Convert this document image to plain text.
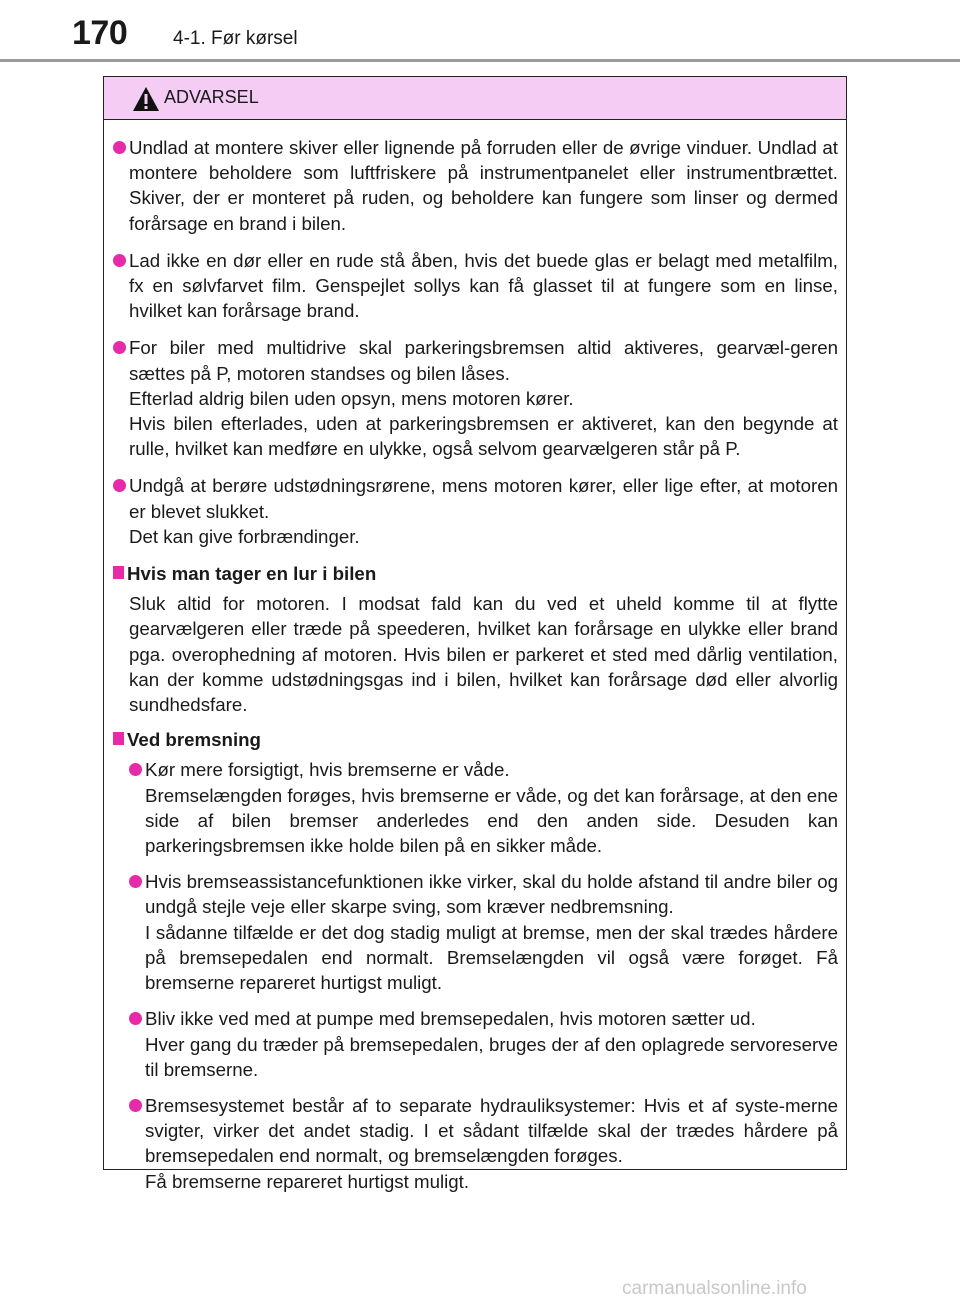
170 4-1. Før kørsel
ADVARSEL

Undlad at montere skiver eller lignende på forruden eller de øvrige vinduer. Undlad at montere beholdere som luftfriskere på instrumentpanelet eller instrumentbrættet. Skiver, der er monteret på ruden, og beholdere kan fungere som linser og dermed forårsage en brand i bilen.

Lad ikke en dør eller en rude stå åben, hvis det buede glas er belagt med metalfilm, fx en sølvfarvet film. Genspejlet sollys kan få glasset til at fungere som en linse, hvilket kan forårsage brand.

For biler med multidrive skal parkeringsbremsen altid aktiveres, gearvæl-geren sættes på P, motoren standses og bilen låses.

Efterlad aldrig bilen uden opsyn, mens motoren kører.

Hvis bilen efterlades, uden at parkeringsbremsen er aktiveret, kan den begynde at rulle, hvilket kan medføre en ulykke, også selvom gearvælgeren står på P.

Undgå at berøre udstødningsrørene, mens motoren kører, eller lige efter, at motoren er blevet slukket.

Det kan give forbrændinger.

Hvis man tager en lur i bilen

Sluk altid for motoren. I modsat fald kan du ved et uheld komme til at flytte gearvælgeren eller træde på speederen, hvilket kan forårsage en ulykke eller brand pga. overophedning af motoren. Hvis bilen er parkeret et sted med dårlig ventilation, kan der komme udstødningsgas ind i bilen, hvilket kan forårsage død eller alvorlig sundhedsfare.

Ved bremsning

Kør mere forsigtigt, hvis bremserne er våde.

Bremselængden forøges, hvis bremserne er våde, og det kan forårsage, at den ene side af bilen bremser anderledes end den anden side. Desuden kan parkeringsbremsen ikke holde bilen på en sikker måde.

Hvis bremseassistancefunktionen ikke virker, skal du holde afstand til andre biler og undgå stejle veje eller skarpe sving, som kræver nedbremsning.

I sådanne tilfælde er det dog stadig muligt at bremse, men der skal trædes hårdere på bremsepedalen end normalt. Bremselængden vil også være forøget. Få bremserne repareret hurtigst muligt.

Bliv ikke ved med at pumpe med bremsepedalen, hvis motoren sætter ud.

Hver gang du træder på bremsepedalen, bruges der af den oplagrede servoreserve til bremserne.

Bremsesystemet består af to separate hydrauliksystemer: Hvis et af syste-merne svigter, virker det andet stadig. I et sådant tilfælde skal der trædes hårdere på bremsepedalen end normalt, og bremselængden forøges.

Få bremserne repareret hurtigst muligt.

carmanualsonline.info
